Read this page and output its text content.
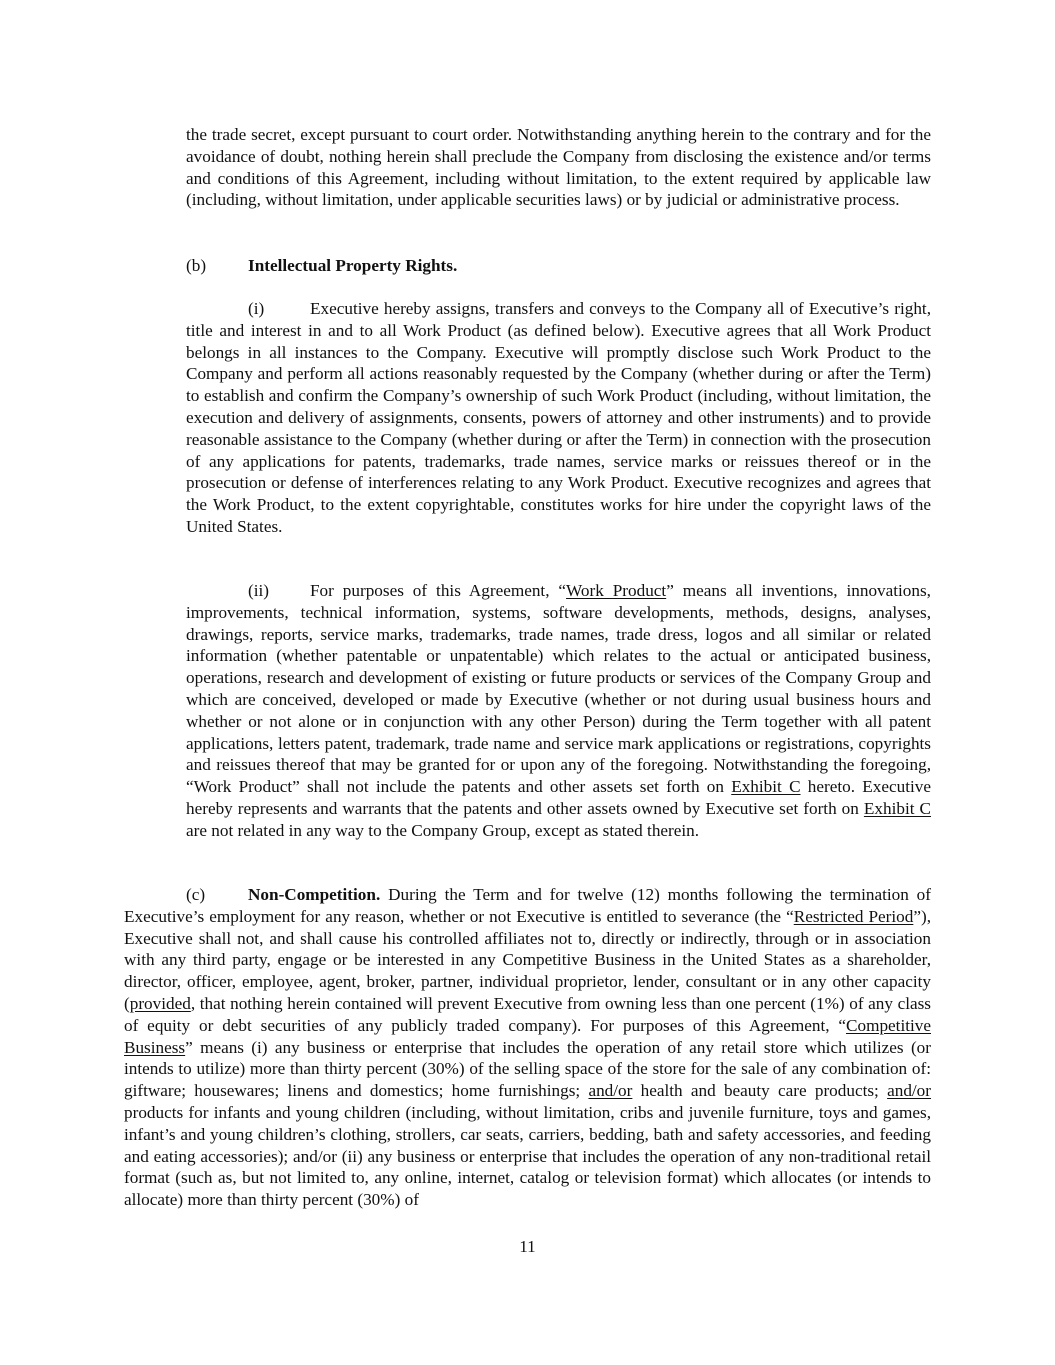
the trade secret, except pursuant to court order. Notwithstanding anything herein to the contrary and for the avoidance of doubt, nothing herein shall preclude the Company from disclosing the existence and/or terms and conditions of this Agreement, including without limitation, to the extent required by applicable law (including, without limitation, under applicable securities laws) or by judicial or administrative process.

(b) Intellectual Property Rights.

(i)	Executive hereby assigns, transfers and conveys to the Company all of Executive’s right, title and interest in and to all Work Product (as defined below). Executive agrees that all Work Product belongs in all instances to the Company. Executive will promptly disclose such Work Product to the Company and perform all actions reasonably requested by the Company (whether during or after the Term) to establish and confirm the Company’s ownership of such Work Product (including, without limitation, the execution and delivery of assignments, consents, powers of attorney and other instruments) and to provide reasonable assistance to the Company (whether during or after the Term) in connection with the prosecution of any applications for patents, trademarks, trade names, service marks or reissues thereof or in the prosecution or defense of interferences relating to any Work Product. Executive recognizes and agrees that the Work Product, to the extent copyrightable, constitutes works for hire under the copyright laws of the United States.

(ii) For purposes of this Agreement, “Work Product” means all inventions, innovations, improvements, technical information, systems, software developments, methods, designs, analyses, drawings, reports, service marks, trademarks, trade names, trade dress, logos and all similar or related information (whether patentable or unpatentable) which relates to the actual or anticipated business, operations, research and development of existing or future products or services of the Company Group and which are conceived, developed or made by Executive (whether or not during usual business hours and whether or not alone or in conjunction with any other Person) during the Term together with all patent applications, letters patent, trademark, trade name and service mark applications or registrations, copyrights and reissues thereof that may be granted for or upon any of the foregoing. Notwithstanding the foregoing, “Work Product” shall not include the patents and other assets set forth on Exhibit C hereto. Executive hereby represents and warrants that the patents and other assets owned by Executive set forth on Exhibit C are not related in any way to the Company Group, except as stated therein.

(c) Non-Competition. During the Term and for twelve (12) months following the termination of Executive’s employment for any reason, whether or not Executive is entitled to severance (the “Restricted Period”), Executive shall not, and shall cause his controlled affiliates not to, directly or indirectly, through or in association with any third party, engage or be interested in any Competitive Business in the United States as a shareholder, director, officer, employee, agent, broker, partner, individual proprietor, lender, consultant or in any other capacity (provided, that nothing herein contained will prevent Executive from owning less than one percent (1%) of any class of equity or debt securities of any publicly traded company). For purposes of this Agreement, “Competitive Business” means (i) any business or enterprise that includes the operation of any retail store which utilizes (or intends to utilize) more than thirty percent (30%) of the selling space of the store for the sale of any combination of: giftware; housewares; linens and domestics; home furnishings; and/or health and beauty care products; and/or products for infants and young children (including, without limitation, cribs and juvenile furniture, toys and games, infant’s and young children’s clothing, strollers, car seats, carriers, bedding, bath and safety accessories, and feeding and eating accessories); and/or (ii) any business or enterprise that includes the operation of any non-traditional retail format (such as, but not limited to, any online, internet, catalog or television format) which allocates (or intends to allocate) more than thirty percent (30%) of

11
